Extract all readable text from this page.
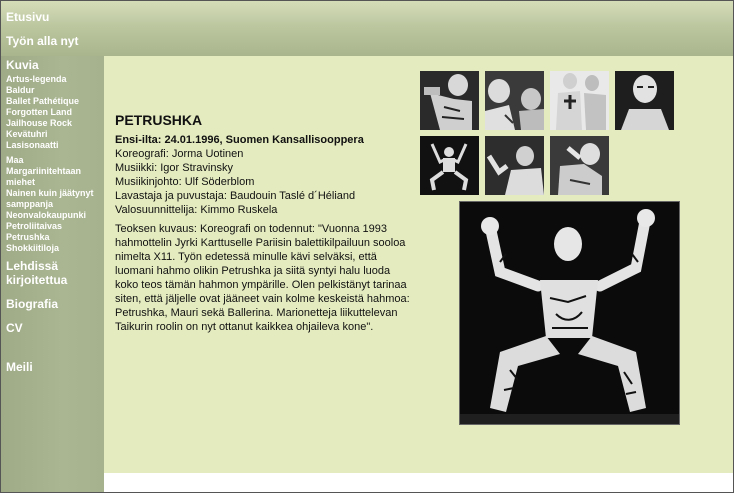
Etusivu
Työn alla nyt
Kuvia
Artus-legenda
Baldur
Ballet Pathétique
Forgotten Land
Jailhouse Rock
Kevätuhri
Lasisonaatti
Maa
Margariinitehtaan miehet
Nainen kuin jäätynyt samppanja
Neonvalokaupunki
Petroliitaivas
Petrushka
Shokkiitiloja
Lehdissä kirjoitettua
Biografia
CV
Meili
PETRUSHKA

Ensi-ilta: 24.01.1996, Suomen Kansallisooppera

Koreografi: Jorma Uotinen

Musiikki: Igor Stravinsky

Musiikinjohto: Ulf Söderblom

Lavastaja ja puvustaja: Baudouin Taslé d´Héliand

Valosuunnittelija: Kimmo Ruskela

Teoksen kuvaus: Koreografi on todennut: "Vuonna 1993 hahmottelin Jyrki Karttuselle Pariisin balettikilpailuun sooloa nimelta X11. Työn edetessä minulle kävi selväksi, että luomani hahmo olikin Petrushka ja siitä syntyi halu luoda koko teos tämän hahmon ympärille. Olen pelkistänyt tarinaa siten, että jäljelle ovat jääneet vain kolme keskeistä hahmoa: Petrushka, Mauri sekä Ballerina. Marionetteja liikuttelevan Taikurin roolin on nyt ottanut kaikkea ohjaileva kone".
